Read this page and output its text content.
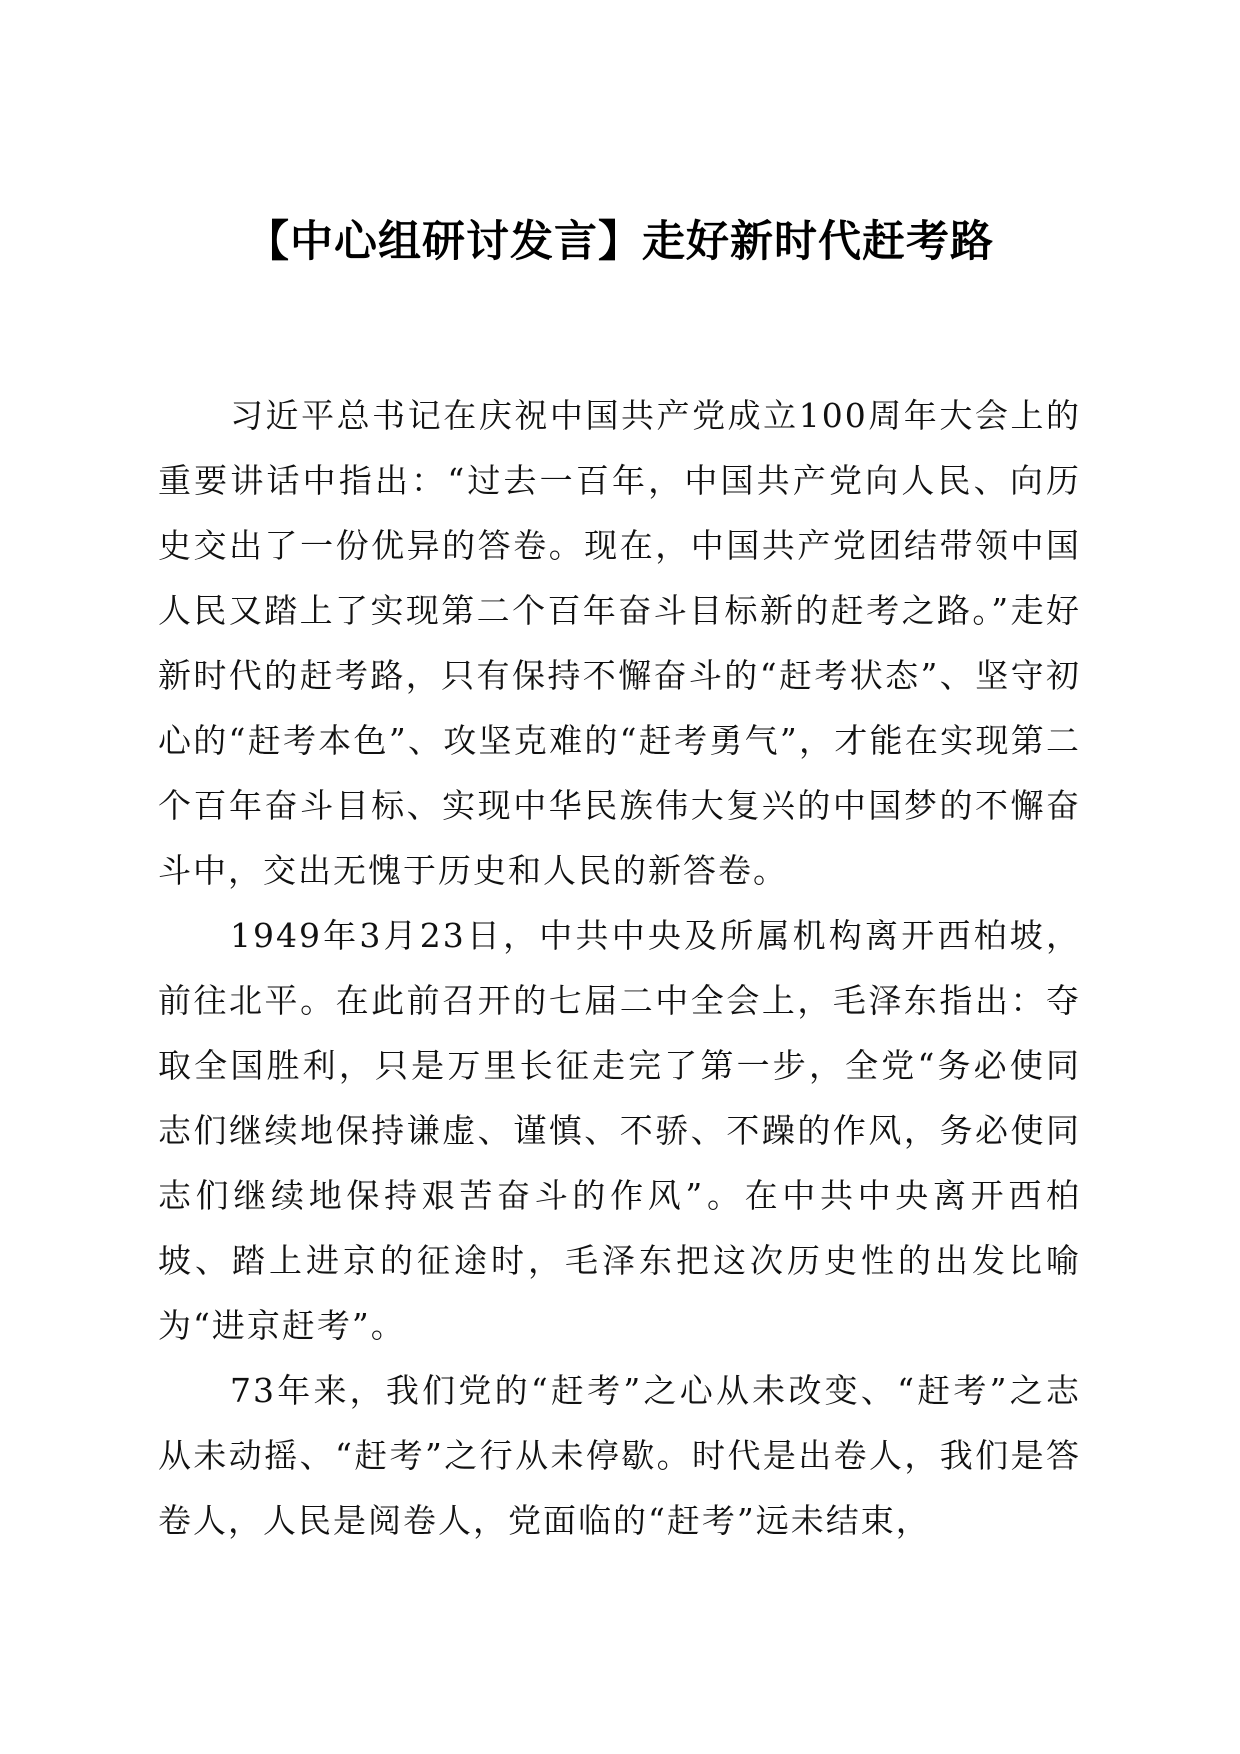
【中心组研讨发言】走好新时代赶考路

习近平总书记在庆祝中国共产党成立100周年大会上的重要讲话中指出：“过去一百年，中国共产党向人民、向历史交出了一份优异的答卷。现在，中国共产党团结带领中国人民又踏上了实现第二个百年奋斗目标新的赶考之路。”走好新时代的赶考路，只有保持不懈奋斗的“赶考状态”、坚守初心的“赶考本色”、攻坚克难的“赶考勇气”，才能在实现第二个百年奋斗目标、实现中华民族伟大复兴的中国梦的不懈奋斗中，交出无愧于历史和人民的新答卷。

1949年3月23日，中共中央及所属机构离开西柏坡，前往北平。在此前召开的七届二中全会上，毛泽东指出：夺取全国胜利，只是万里长征走完了第一步，全党“务必使同志们继续地保持谦虚、谨慎、不骄、不躁的作风，务必使同志们继续地保持艰苦奋斗的作风”。在中共中央离开西柏坡、踏上进京的征途时，毛泽东把这次历史性的出发比喻为“进京赶考”。

73年来，我们党的“赶考”之心从未改变、“赶考”之志从未动摇、“赶考”之行从未停歇。时代是出卷人，我们是答卷人，人民是阅卷人，党面临的“赶考”远未结束，
